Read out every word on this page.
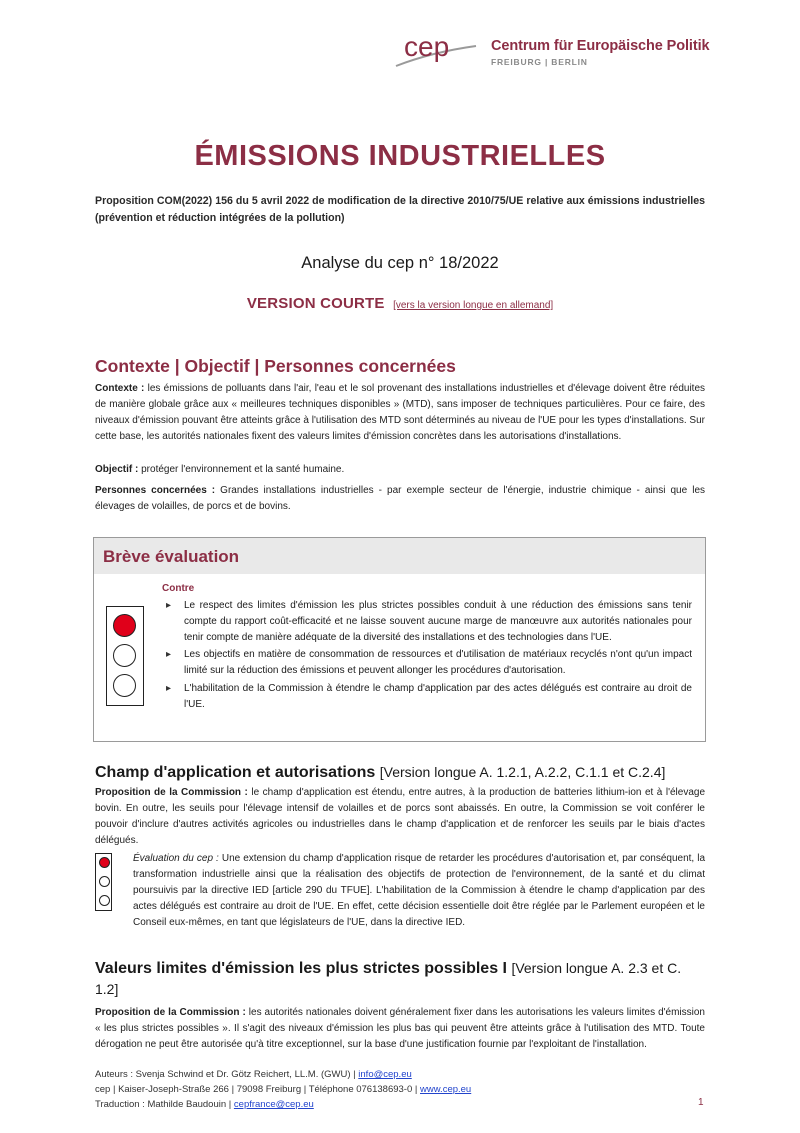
cep	Centrum für Europäische Politik
FREIBURG | BERLIN
ÉMISSIONS INDUSTRIELLES
Proposition COM(2022) 156 du 5 avril 2022 de modification de la directive 2010/75/UE relative aux émissions industrielles (prévention et réduction intégrées de la pollution)
Analyse du cep n° 18/2022
VERSION COURTE [vers la version longue en allemand]
Contexte | Objectif | Personnes concernées

Contexte : les émissions de polluants dans l'air, l'eau et le sol provenant des installations industrielles et d'élevage doivent être réduites de manière globale grâce aux « meilleures techniques disponibles » (MTD), sans imposer de techniques particulières. Pour ce faire, des niveaux d'émission pouvant être atteints grâce à l'utilisation des MTD sont déterminés au niveau de l'UE pour les types d'installations. Sur cette base, les autorités nationales fixent des valeurs limites d'émission concrètes dans les autorisations d'installations.

Objectif : protéger l'environnement et la santé humaine.

Personnes concernées : Grandes installations industrielles - par exemple secteur de l'énergie, industrie chimique - ainsi que les élevages de volailles, de porcs et de bovins.

Brève évaluation
Contre
▸ Le respect des limites d'émission les plus strictes possibles conduit à une réduction des émissions sans tenir compte du rapport coût-efficacité et ne laisse souvent aucune marge de manœuvre aux autorités nationales pour tenir compte de manière adéquate de la diversité des installations et des technologies dans l'UE.
▸ Les objectifs en matière de consommation de ressources et d'utilisation de matériaux recyclés n'ont qu'un impact limité sur la réduction des émissions et peuvent allonger les procédures d'autorisation.
▸ L'habilitation de la Commission à étendre le champ d'application par des actes délégués est contraire au droit de l'UE.
Champ d'application et autorisations [Version longue A. 1.2.1, A.2.2, C.1.1 et C.2.4]

Proposition de la Commission : le champ d'application est étendu, entre autres, à la production de batteries lithium-ion et à l'élevage bovin. En outre, les seuils pour l'élevage intensif de volailles et de porcs sont abaissés. En outre, la Commission se voit conférer le pouvoir d'inclure d'autres activités agricoles ou industrielles dans le champ d'application et de renforcer les seuils par le biais d'actes délégués.

Évaluation du cep : Une extension du champ d'application risque de retarder les procédures d'autorisation et, par conséquent, la transformation industrielle ainsi que la réalisation des objectifs de protection de l'environnement, de la santé et du climat poursuivis par la directive IED [article 290 du TFUE]. L'habilitation de la Commission à étendre le champ d'application par des actes délégués est contraire au droit de l'UE. En effet, cette décision essentielle doit être réglée par le Parlement européen et le Conseil eux-mêmes, en tant que législateurs de l'UE, dans la directive IED.

Valeurs limites d'émission les plus strictes possibles I [Version longue A. 2.3 et C. 1.2]

Proposition de la Commission : les autorités nationales doivent généralement fixer dans les autorisations les valeurs limites d'émission « les plus strictes possibles ». Il s'agit des niveaux d'émission les plus bas qui peuvent être atteints grâce à l'utilisation des MTD. Toute dérogation ne peut être autorisée qu'à titre exceptionnel, sur la base d'une justification fournie par l'exploitant de l'installation.

Auteurs : Svenja Schwind et Dr. Götz Reichert, LL.M. (GWU) | info@cep.eu
cep | Kaiser-Joseph-Straße 266 | 79098 Freiburg | Téléphone 076138693-0 | www.cep.eu
Traduction : Mathilde Baudouin | cepfrance@cep.eu	1
